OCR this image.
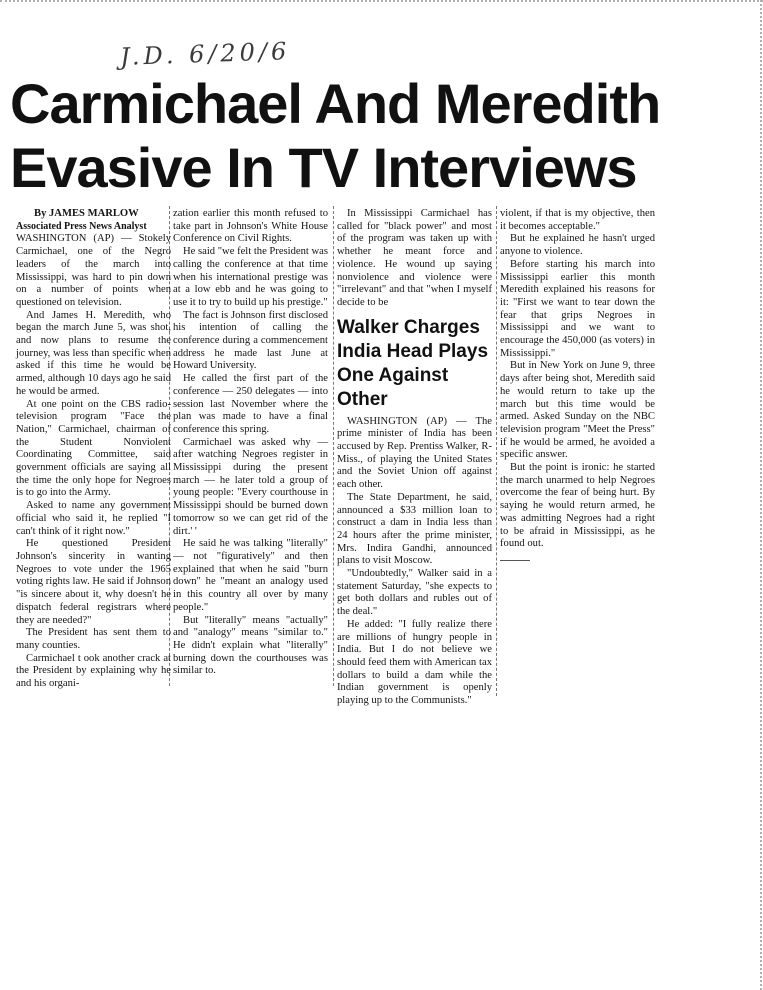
J.D. 6/20/6
Carmichael And Meredith Evasive In TV Interviews

By JAMES MARLOW

Associated Press News Analyst

WASHINGTON (AP) — Stokely Carmichael, one of the Negro leaders of the march into Mississippi, was hard to pin down on a number of points when questioned on television.

And James H. Meredith, who began the march June 5, was shot, and now plans to resume the journey, was less than specific when asked if this time he would be armed, although 10 days ago he said he would be armed.

At one point on the CBS radio-television program "Face the Nation," Carmichael, chairman of the Student Nonviolent Coordinating Committee, said government officials are saying all the time the only hope for Negroes is to go into the Army.

Asked to name any government official who said it, he replied "I can't think of it right now."

He questioned President Johnson's sincerity in wanting Negroes to vote under the 1965 voting rights law. He said if Johnson "is sincere about it, why doesn't he dispatch federal registrars where they are needed?"

The President has sent them to many counties.

Carmichael t ook another crack at the President by explaining why he and his organi-

zation earlier this month refused to take part in Johnson's White House Conference on Civil Rights.

He said "we felt the President was calling the conference at that time when his international prestige was at a low ebb and he was going to use it to try to build up his prestige."

The fact is Johnson first disclosed his intention of calling the conference during a commencement address he made last June at Howard University.

He called the first part of the conference — 250 delegates — into session last November where the plan was made to have a final conference this spring.

Carmichael was asked why — after watching Negroes register in Mississippi during the present march — he later told a group of young people: "Every courthouse in Mississippi should be burned down tomorrow so we can get rid of the dirt.' '

He said he was talking "literally" — not "figuratively" and then explained that when he said "burn down" he "meant an analogy used in this country all over by many people."

But "literally" means "actually" and "analogy" means "similar to." He didn't explain what "literally" burning down the courthouses was similar to.

In Mississippi Carmichael has called for "black power" and most of the program was taken up with whether he meant force and violence. He wound up saying nonviolence and violence were "irrelevant" and that "when I myself decide to be

Walker Charges India Head Plays One Against Other

WASHINGTON (AP) — The prime minister of India has been accused by Rep. Prentiss Walker, R-Miss., of playing the United States and the Soviet Union off against each other.

The State Department, he said, announced a $33 million loan to construct a dam in India less than 24 hours after the prime minister, Mrs. Indira Gandhi, announced plans to visit Moscow.

"Undoubtedly," Walker said in a statement Saturday, "she expects to get both dollars and rubles out of the deal."

He added: "I fully realize there are millions of hungry people in India. But I do not believe we should feed them with American tax dollars to build a dam while the Indian government is openly playing up to the Communists."

violent, if that is my objective, then it becomes acceptable."

But he explained he hasn't urged anyone to violence.

Before starting his march into Mississippi earlier this month Meredith explained his reasons for it: "First we want to tear down the fear that grips Negroes in Mississippi and we want to encourage the 450,000 (as voters) in Mississippi."

But in New York on June 9, three days after being shot, Meredith said he would return to take up the march but this time would be armed. Asked Sunday on the NBC television program "Meet the Press" if he would be armed, he avoided a specific answer.

But the point is ironic: he started the march unarmed to help Negroes overcome the fear of being hurt. By saying he would return armed, he was admitting Negroes had a right to be afraid in Mississippi, as he found out.
